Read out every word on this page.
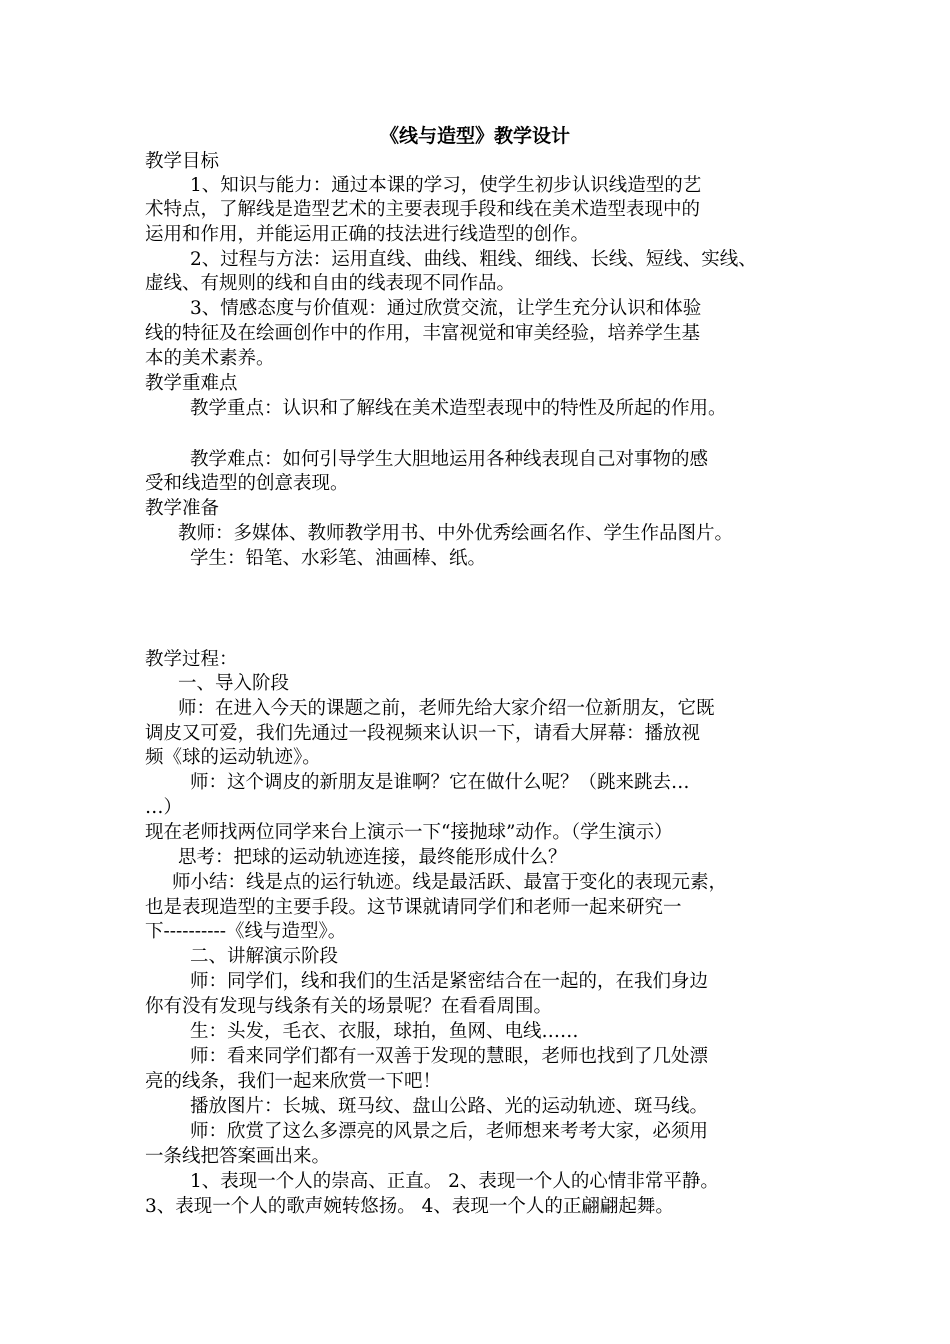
《线与造型》教学设计
教学目标
1、知识与能力：通过本课的学习，使学生初步认识线造型的艺
术特点，了解线是造型艺术的主要表现手段和线在美术造型表现中的
运用和作用，并能运用正确的技法进行线造型的创作。
2、过程与方法：运用直线、曲线、粗线、细线、长线、短线、实线、
虚线、有规则的线和自由的线表现不同作品。
3、情感态度与价值观：通过欣赏交流，让学生充分认识和体验
线的特征及在绘画创作中的作用，丰富视觉和审美经验，培养学生基
本的美术素养。
教学重难点
教学重点：认识和了解线在美术造型表现中的特性及所起的作用。
教学难点：如何引导学生大胆地运用各种线表现自己对事物的感
受和线造型的创意表现。
教学准备
教师：多媒体、教师教学用书、中外优秀绘画名作、学生作品图片。
学生：铅笔、水彩笔、油画棒、纸。
教学过程：
一、导入阶段
师：在进入今天的课题之前，老师先给大家介绍一位新朋友，它既
调皮又可爱，我们先通过一段视频来认识一下，请看大屏幕：播放视
频《球的运动轨迹》。
师：这个调皮的新朋友是谁啊？它在做什么呢？（跳来跳去…
…）
现在老师找两位同学来台上演示一下“接抛球”动作。（学生演示）
思考：把球的运动轨迹连接，最终能形成什么？
师小结：线是点的运行轨迹。线是最活跃、最富于变化的表现元素，
也是表现造型的主要手段。这节课就请同学们和老师一起来研究一
下----------《线与造型》。
二、讲解演示阶段
师：同学们，线和我们的生活是紧密结合在一起的，在我们身边
你有没有发现与线条有关的场景呢？在看看周围。
生：头发，毛衣、衣服，球拍，鱼网、电线……
师：看来同学们都有一双善于发现的慧眼，老师也找到了几处漂
亮的线条，我们一起来欣赏一下吧！
播放图片：长城、斑马纹、盘山公路、光的运动轨迹、斑马线。
师：欣赏了这么多漂亮的风景之后，老师想来考考大家，必须用
一条线把答案画出来。
1、表现一个人的崇高、正直。 2、表现一个人的心情非常平静。
3、表现一个人的歌声婉转悠扬。 4、表现一个人的正翩翩起舞。
